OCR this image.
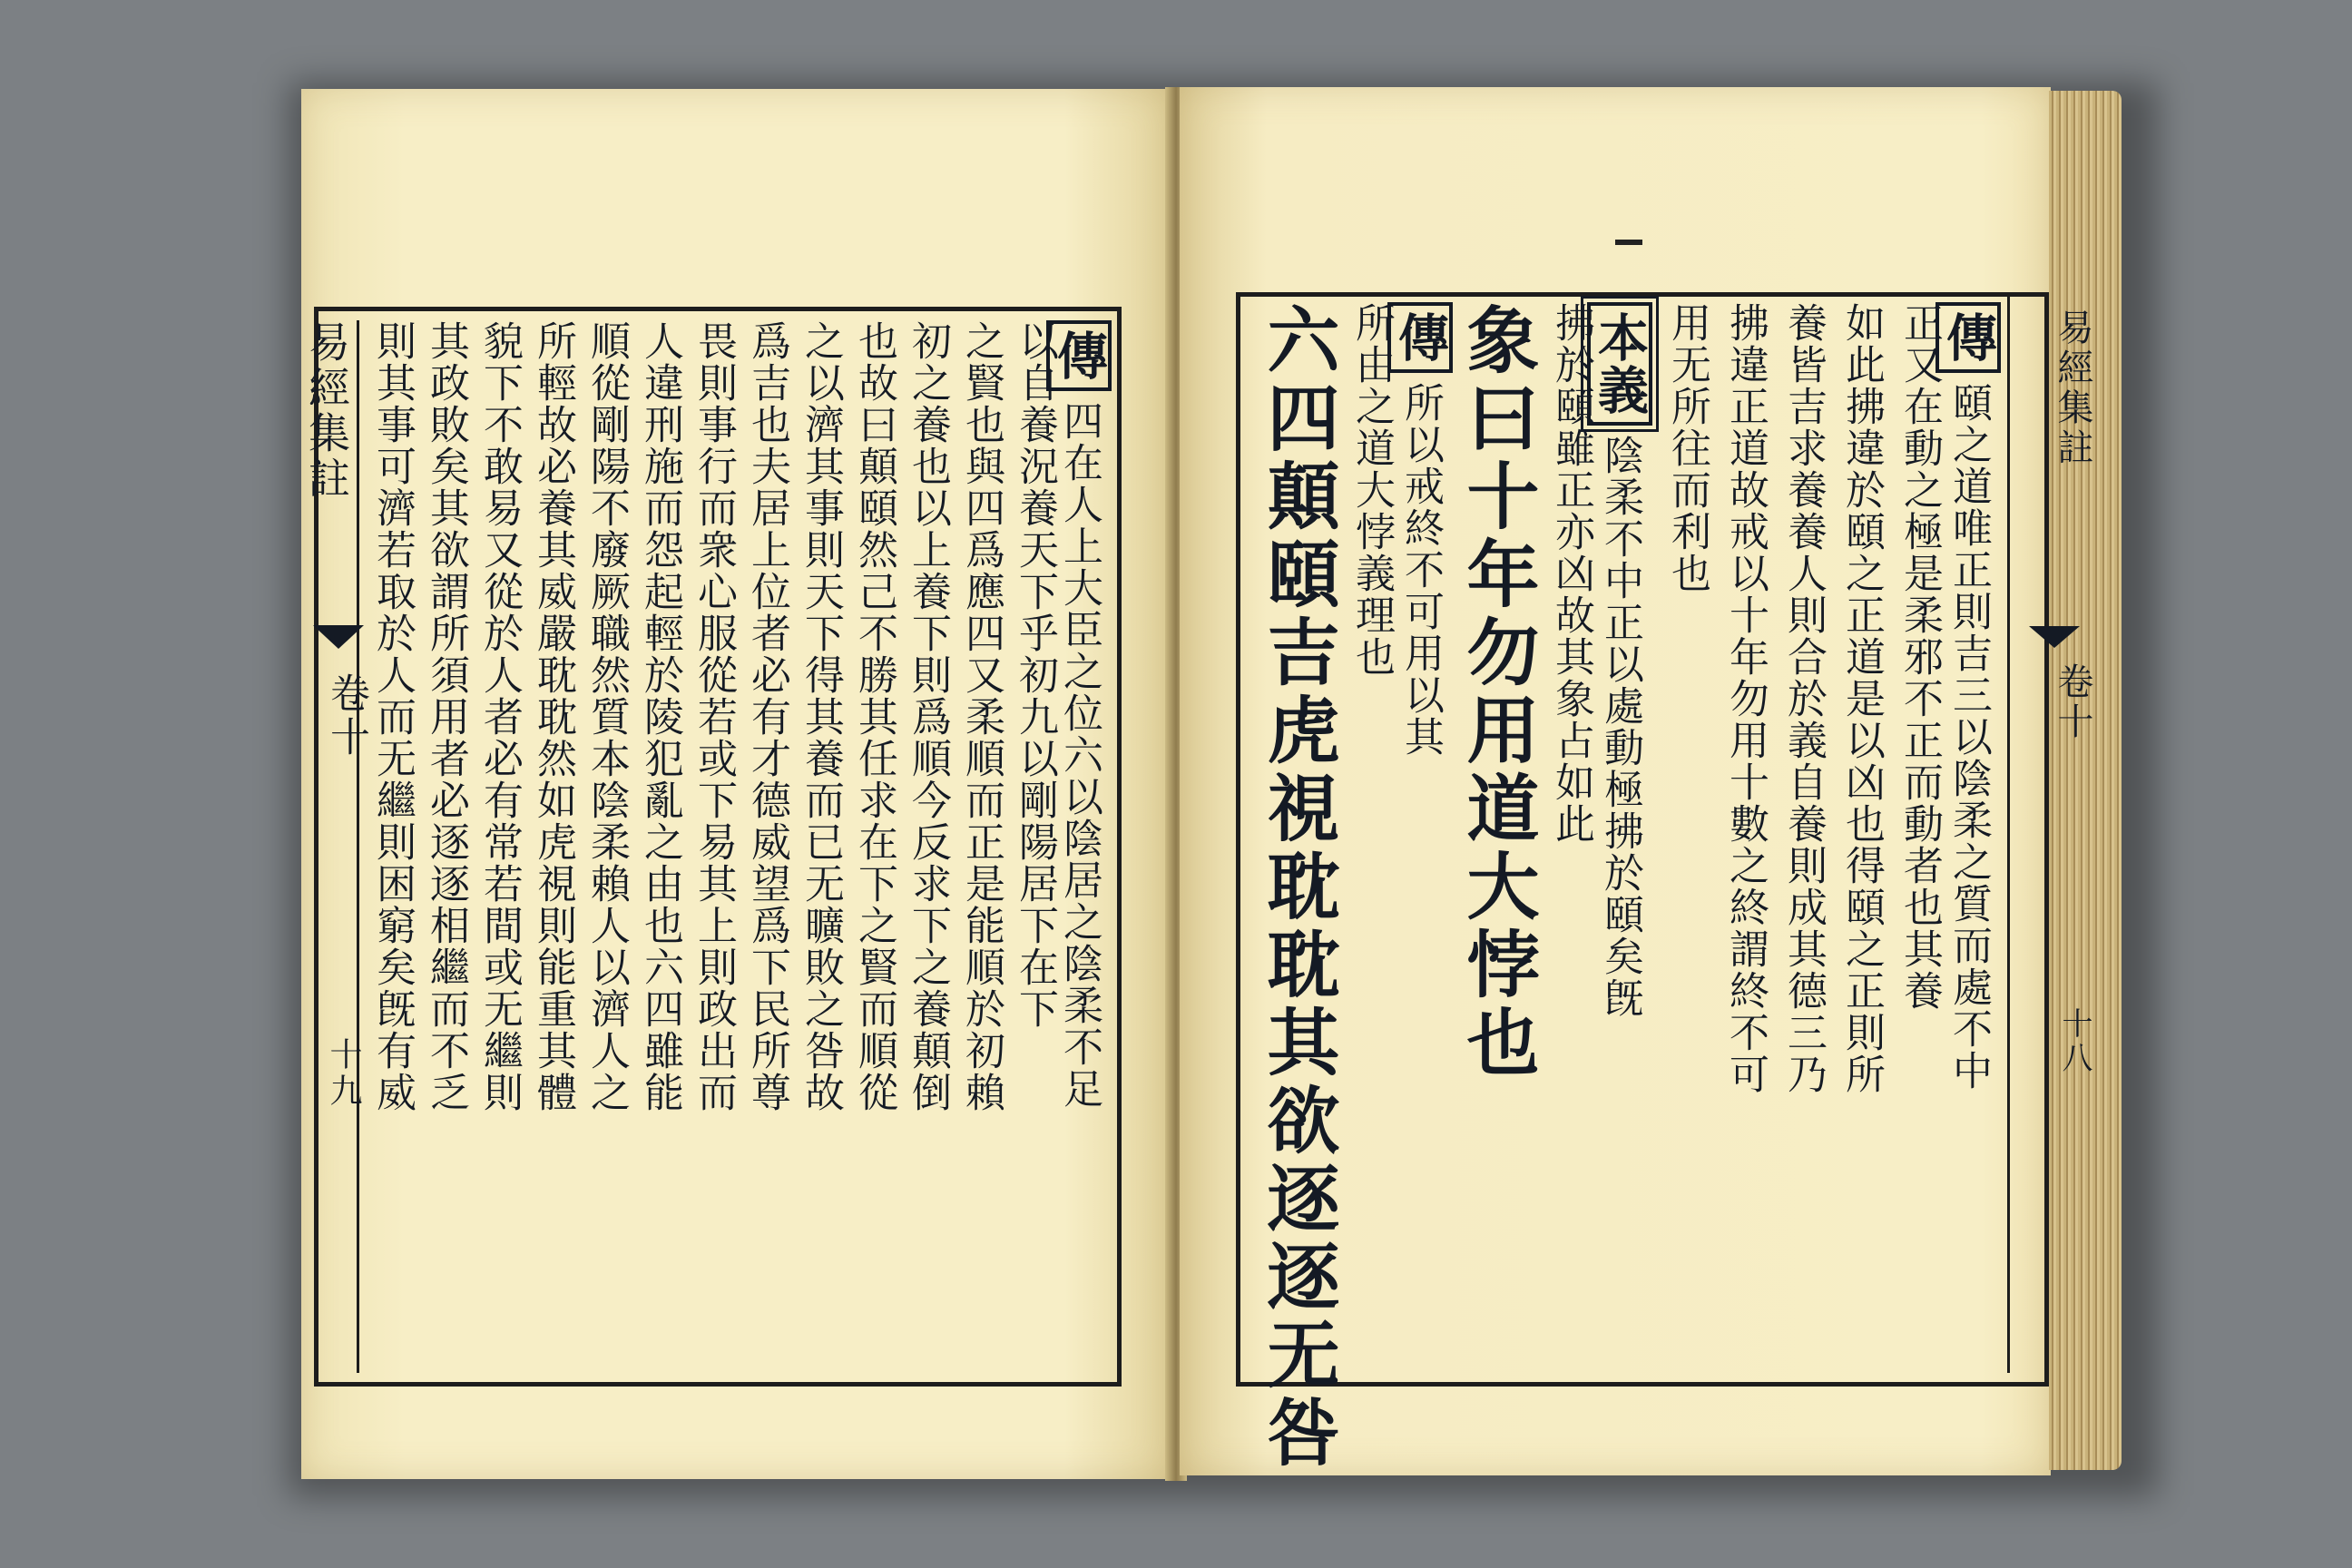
易經集註
卷十
十九
傳四在人上大臣之位六以陰居之陰柔不足
以自養況養天下乎初九以剛陽居下在下
之賢也與四爲應四又柔順而正是能順於初賴
初之養也以上養下則爲順今反求下之養顛倒
也故曰顛頤然己不勝其任求在下之賢而順從
之以濟其事則天下得其養而已无曠敗之咎故
爲吉也夫居上位者必有才德威望爲下民所尊
畏則事行而衆心服從若或下易其上則政出而
人違刑施而怨起輕於陵犯亂之由也六四雖能
順從剛陽不廢厥職然質本陰柔賴人以濟人之
所輕故必養其威嚴耽耽然如虎視則能重其體
貌下不敢易又從於人者必有常若間或无繼則
其政敗矣其欲謂所須用者必逐逐相繼而不乏
則其事可濟若取於人而无繼則困窮矣旣有威	傳頤之道唯正則吉三以陰柔之質而處不中
正又在動之極是柔邪不正而動者也其養
如此拂違於頤之正道是以凶也得頤之正則所
養皆吉求養養人則合於義自養則成其德三乃
拂違正道故戒以十年勿用十數之終謂終不可
用无所往而利也
本義陰柔不中正以處動極拂於頤矣旣
拂於頤雖正亦凶故其象占如此
象曰十年勿用道大悖也
傳所以戒終不可用以其
所由之道大悖義理也
六四顛頤吉虎視耽耽其欲逐逐无咎	易經集註
卷十
十八
